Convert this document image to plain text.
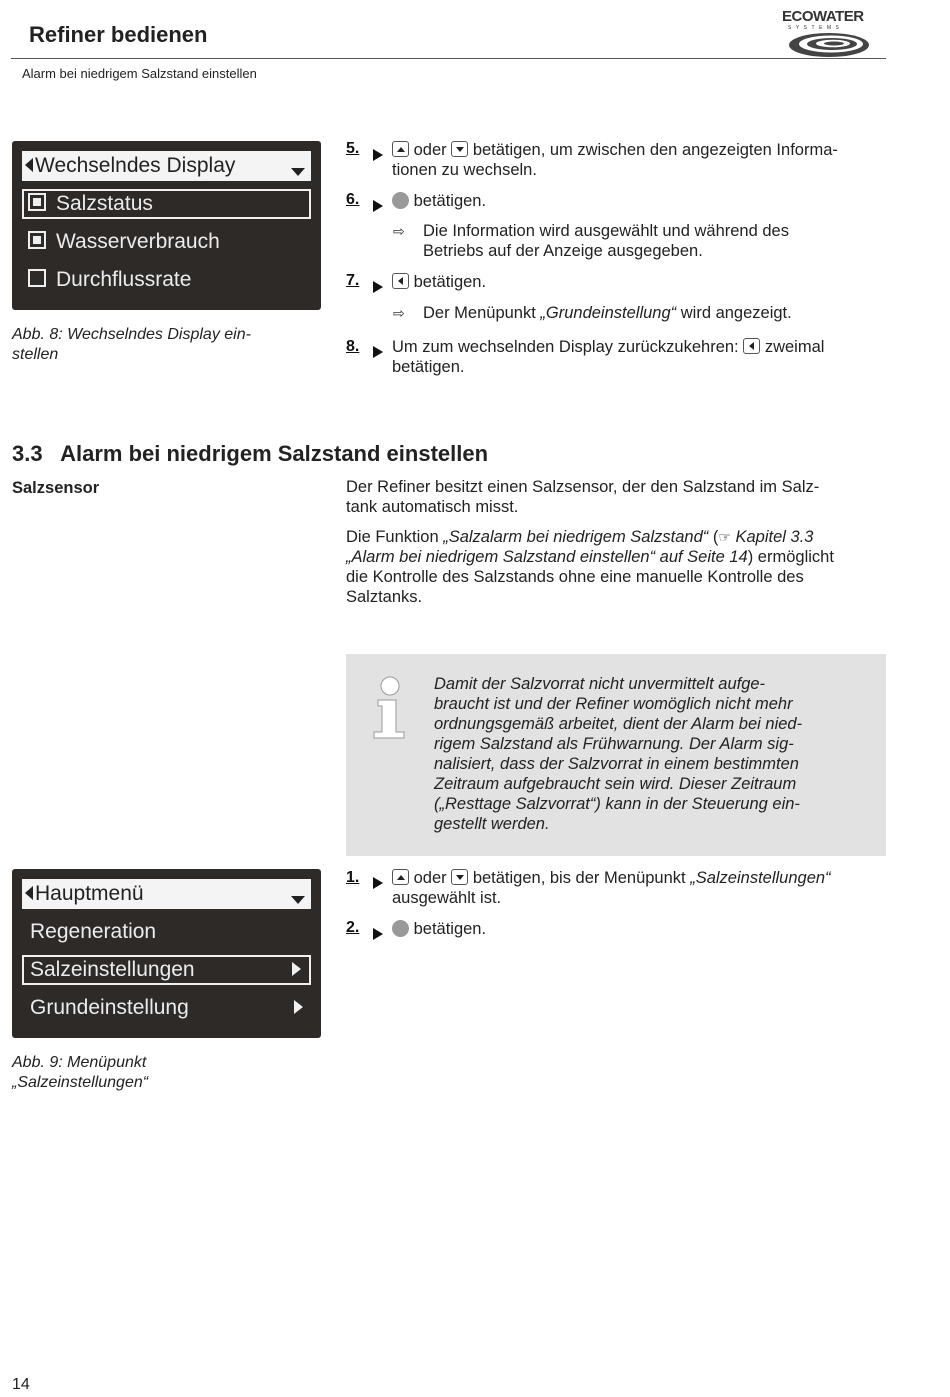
Refiner bedienen
Alarm bei niedrigem Salzstand einstellen
ECOWATER
SYSTEMS
Wechselndes Display
Salzstatus
Wasserverbrauch
Durchflussrate
Abb. 8: Wechselndes Display ein-
stellen
5.	oder betätigen, um zwischen den angezeigten Informa-
tionen zu wechseln.
6.	betätigen.
⇨ Die Information wird ausgewählt und während des
Betriebs auf der Anzeige ausgegeben.
7.	betätigen.
⇨ Der Menüpunkt „Grundeinstellung“ wird angezeigt.
8.	Um zum wechselnden Display zurückzukehren: zweimal
betätigen.
3.3 Alarm bei niedrigem Salzstand einstellen
Salzsensor	Der Refiner besitzt einen Salzsensor, der den Salzstand im Salz-
tank automatisch misst.
Die Funktion „Salzalarm bei niedrigem Salzstand“ (☞ Kapitel 3.3
„Alarm bei niedrigem Salzstand einstellen“ auf Seite 14) ermöglicht
die Kontrolle des Salzstands ohne eine manuelle Kontrolle des
Salztanks.
Damit der Salzvorrat nicht unvermittelt aufge-
braucht ist und der Refiner womöglich nicht mehr
ordnungsgemäß arbeitet, dient der Alarm bei nied-
rigem Salzstand als Frühwarnung. Der Alarm sig-
nalisiert, dass der Salzvorrat in einem bestimmten
Zeitraum aufgebraucht sein wird. Dieser Zeitraum
(„Resttage Salzvorrat“) kann in der Steuerung ein-
gestellt werden.
Hauptmenü
Regeneration
Salzeinstellungen
Grundeinstellung
Abb. 9: Menüpunkt
„Salzeinstellungen“
1.	oder betätigen, bis der Menüpunkt „Salzeinstellungen“
ausgewählt ist.
2.	betätigen.
14
